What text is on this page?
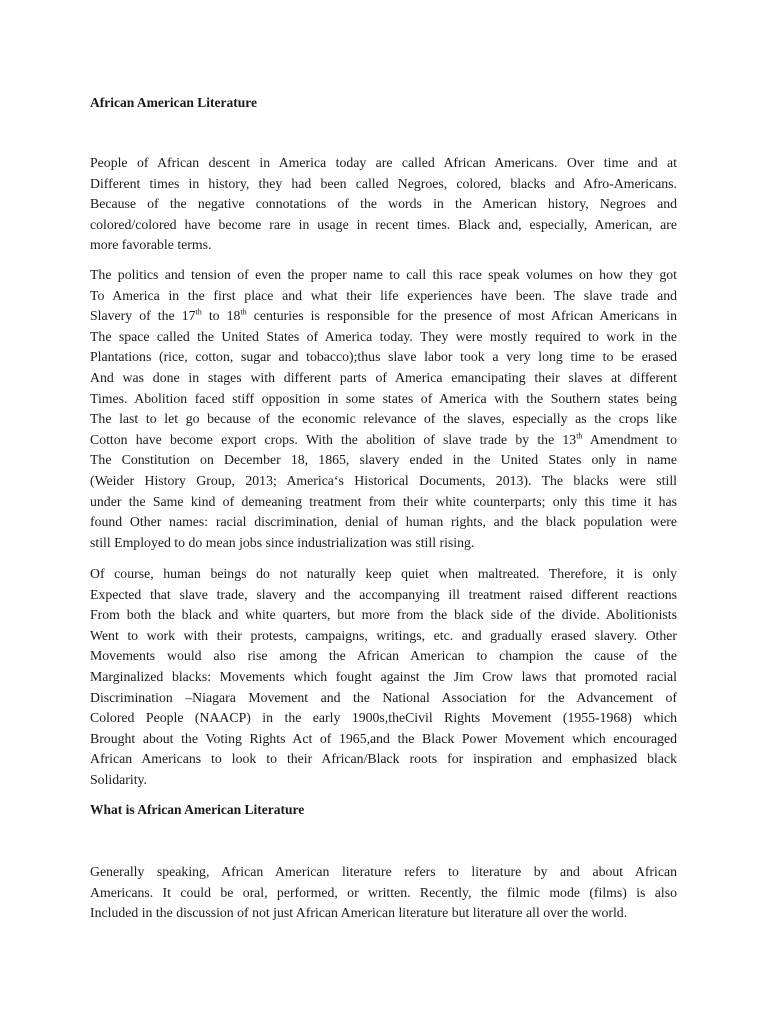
African American Literature
People of African descent in America today are called African Americans. Over time and at
Different times in history, they had been called Negroes, colored, blacks and Afro-Americans.
Because of the negative connotations of the words in the American history, Negroes and
colored/colored have become rare in usage in recent times. Black and, especially, American, are
more favorable terms.
The politics and tension of even the proper name to call this race speak volumes on how they got
To America in the first place and what their life experiences have been. The slave trade and
Slavery of the 17th to 18th centuries is responsible for the presence of most African Americans in
The space called the United States of America today. They were mostly required to work in the
Plantations (rice, cotton, sugar and tobacco);thus slave labor took a very long time to be erased
And was done in stages with different parts of America emancipating their slaves at different
Times. Abolition faced stiff opposition in some states of America with the Southern states being
The last to let go because of the economic relevance of the slaves, especially as the crops like
Cotton have become export crops. With the abolition of slave trade by the 13th Amendment to
The Constitution on December 18, 1865, slavery ended in the United States only in name
(Weider History Group, 2013; America‘s Historical Documents, 2013). The blacks were still
under the Same kind of demeaning treatment from their white counterparts; only this time it has
found Other names: racial discrimination, denial of human rights, and the black population were
still Employed to do mean jobs since industrialization was still rising.
Of course, human beings do not naturally keep quiet when maltreated. Therefore, it is only
Expected that slave trade, slavery and the accompanying ill treatment raised different reactions
From both the black and white quarters, but more from the black side of the divide. Abolitionists
Went to work with their protests, campaigns, writings, etc. and gradually erased slavery. Other
Movements would also rise among the African American to champion the cause of the
Marginalized blacks: Movements which fought against the Jim Crow laws that promoted racial
Discrimination –Niagara Movement and the National Association for the Advancement of
Colored People (NAACP) in the early 1900s,theCivil Rights Movement (1955-1968) which
Brought about the Voting Rights Act of 1965,and the Black Power Movement which encouraged
African Americans to look to their African/Black roots for inspiration and emphasized black
Solidarity.
What is African American Literature
Generally speaking, African American literature refers to literature by and about African
Americans. It could be oral, performed, or written. Recently, the filmic mode (films) is also
Included in the discussion of not just African American literature but literature all over the world.
